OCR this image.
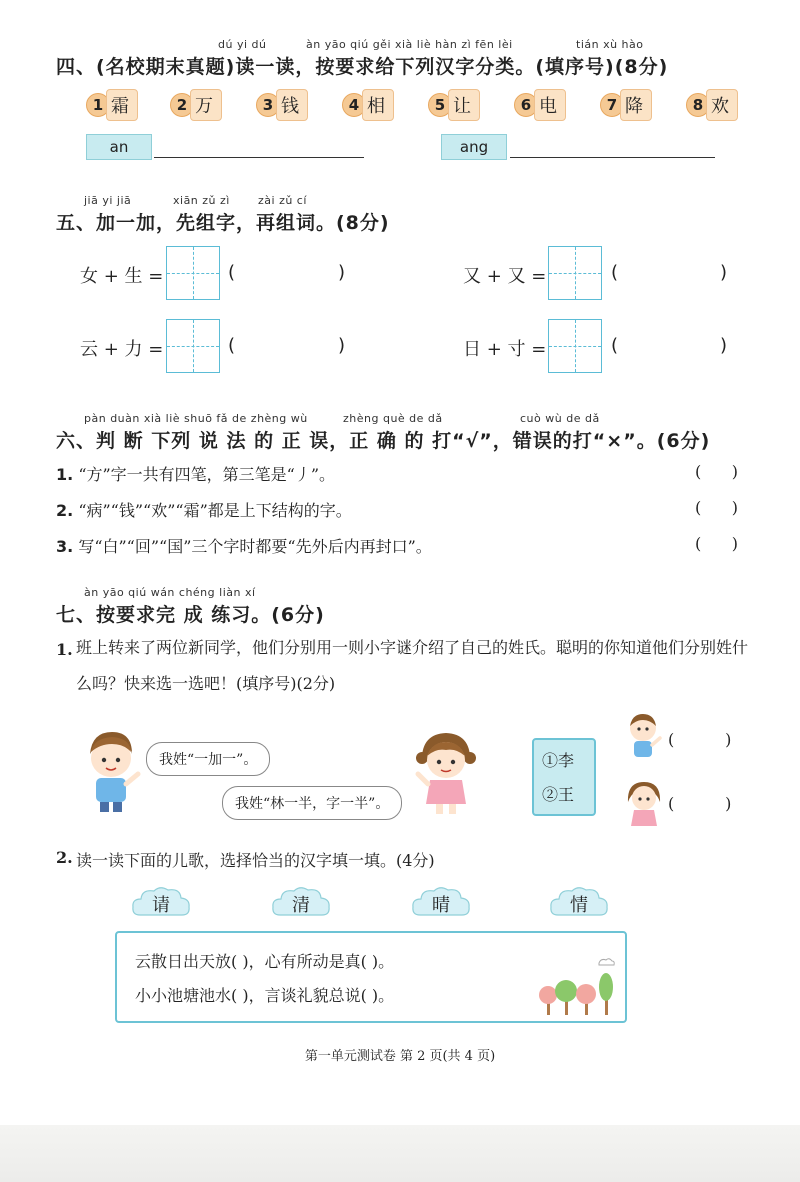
dú yi dú	àn yāo qiú gěi xià liè hàn zì fēn lèi	tián xù hào
四、(名校期末真题)读一读，按要求给下列汉字分类。(填序号)(8分)
1 霜	2 万	3 钱	4 相	5 让	6 电	7 降	8 欢
an	ang
jiā yi jiā	xiān zǔ zì	zài zǔ cí
五、加一加，先组字，再组词。(8分)
女 + 生 =	(	)	又 + 又 =	(	)
云 + 力 =	(	)	日 + 寸 =	(	)
pàn duàn xià liè shuō fǎ de zhèng wù	zhèng què de dǎ	cuò wù de dǎ
六、判 断 下列 说 法 的 正 误，正 确 的 打“√”，错误的打“×”。(6分)
1. “方”字一共有四笔，第三笔是“丿”。	(      )
2. “病”“钱”“欢”“霜”都是上下结构的字。	(      )
3. 写“白”“回”“国”三个字时都要“先外后内再封口”。	(      )
àn yāo qiú wán chéng liàn xí
七、按要求完 成 练习。(6分)
1. 班上转来了两位新同学，他们分别用一则小字谜介绍了自己的姓氏。聪明的你知道他们分别姓什么吗？快来选一选吧！(填序号)(2分)
我姓“一加一”。
我姓“林一半，字一半”。
①李
②王
(          )
(          )
2. 读一读下面的儿歌，选择恰当的汉字填一填。(4分)
请	清	晴	情
云散日出天放( )，心有所动是真( )。
小小池塘池水( )，言谈礼貌总说( )。
第一单元测试卷 第 2 页(共 4 页)
